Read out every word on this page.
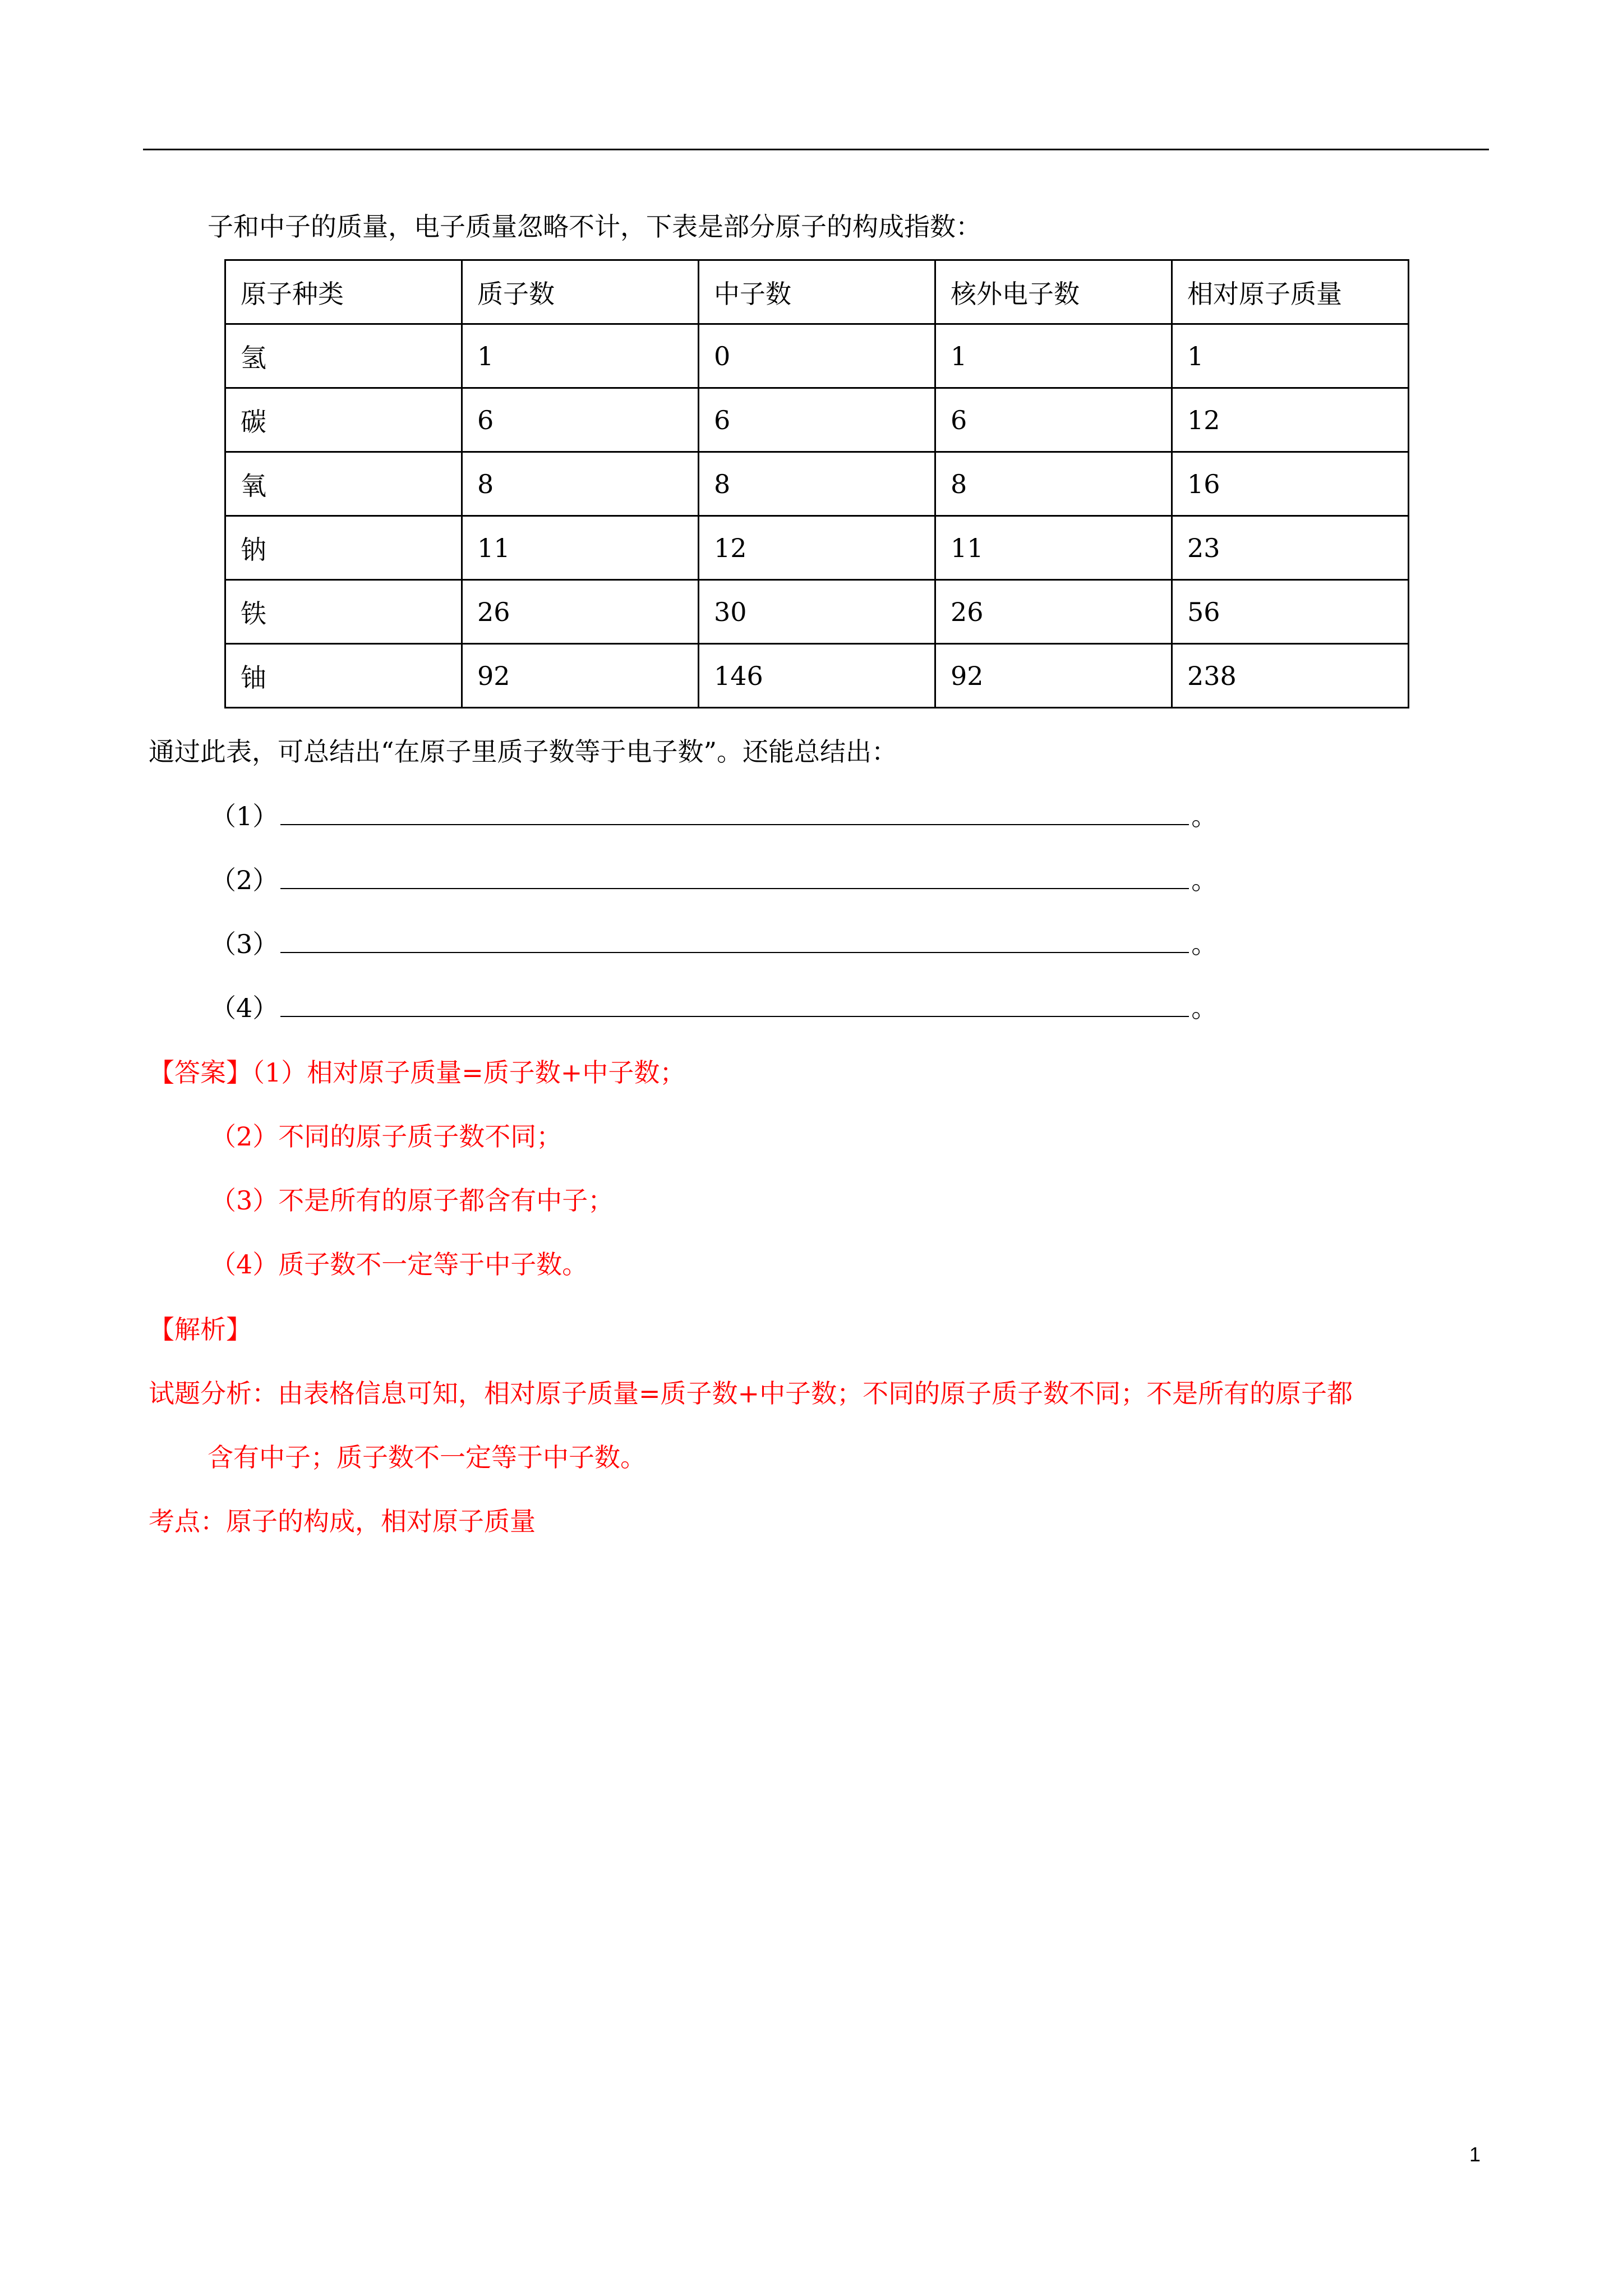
子和中子的质量，电子质量忽略不计，下表是部分原子的构成指数：
原子种类	质子数	中子数	核外电子数	相对原子质量
氢	1	0	1	1
碳	6	6	6	12
氧	8	8	8	16
钠	11	12	11	23
铁	26	30	26	56
铀	92	146	92	238
通过此表，可总结出“在原子里质子数等于电子数”。还能总结出：
（1）	。
（2）	。
（3）	。
（4）	。
【答案】（1）相对原子质量=质子数+中子数；
（2）不同的原子质子数不同；
（3）不是所有的原子都含有中子；
（4）质子数不一定等于中子数。
【解析】
试题分析：由表格信息可知，相对原子质量=质子数+中子数；不同的原子质子数不同；不是所有的原子都
含有中子；质子数不一定等于中子数。
考点：原子的构成，相对原子质量
1
